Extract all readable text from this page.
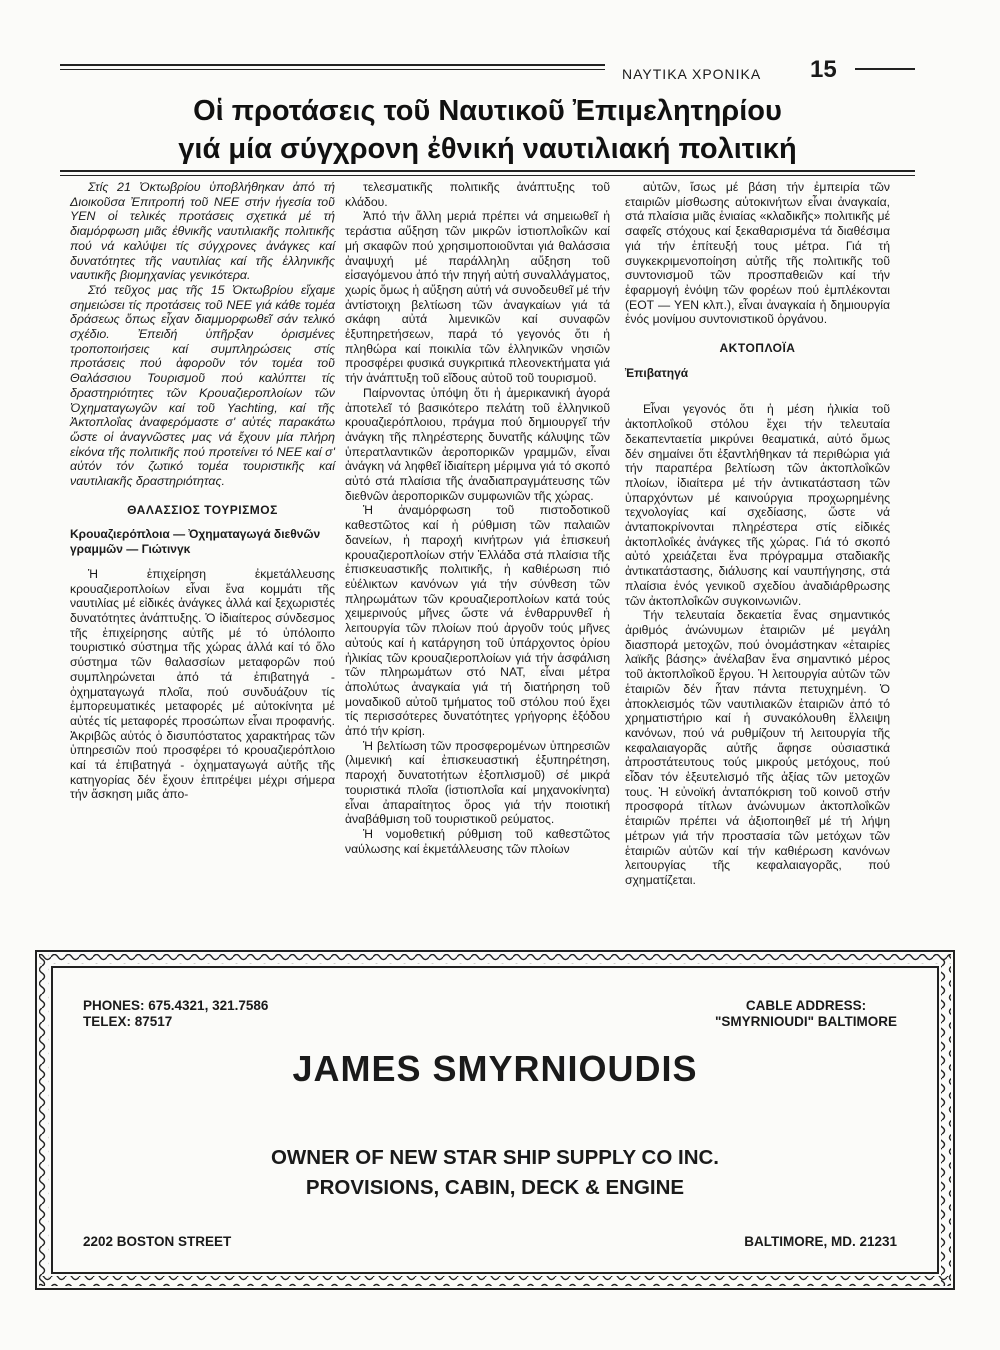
ΝΑΥΤΙΚΑ ΧΡΟΝΙΚΑ 15
Οἱ προτάσεις τοῦ Ναυτικοῦ Ἐπιμελητηρίου
γιά μία σύγχρονη ἐθνική ναυτιλιακή πολιτική

Στίς 21 Ὀκτωβρίου ὑποβλήθηκαν ἀπό τή Διοικοῦσα Ἐπιτροπή τοῦ ΝΕΕ στήν ἡγεσία τοῦ ΥΕΝ οἱ τελικές προτάσεις σχετικά μέ τή διαμόρφωση μιᾶς ἐθνικῆς ναυτιλιακῆς πολιτικῆς πού νά καλύψει τίς σύγχρονες ἀνάγκες καί δυνατότητες τῆς ναυτιλίας καί τῆς ἑλληνικῆς ναυτικῆς βιομηχανίας γενικότερα.

Στό τεῦχος μας τῆς 15 Ὀκτωβρίου εἴχαμε σημειώσει τίς προτάσεις τοῦ ΝΕΕ γιά κάθε τομέα δράσεως ὅπως εἶχαν διαμμορφωθεῖ σάν τελικό σχέδιο. Ἐπειδή ὑπῆρξαν ὁρισμένες τροποποιήσεις καί συμπληρώσεις στίς προτάσεις πού ἀφοροῦν τόν τομέα τοῦ Θαλάσσιου Τουρισμοῦ πού καλύπτει τίς δραστηριότητες τῶν Κρουαζιεροπλοίων τῶν Ὀχηματαγωγῶν καί τοῦ Yachting, καί τῆς Ἀκτοπλοΐας ἀναφερόμαστε σ' αὐτές παρακάτω ὥστε οἱ ἀναγνῶστες μας νά ἔχουν μία πλήρη εἰκόνα τῆς πολιτικῆς πού προτείνει τό ΝΕΕ καί σ' αὐτόν τόν ζωτικό τομέα τουριστικῆς καί ναυτιλιακῆς δραστηριότητας.

ΘΑΛΑΣΣΙΟΣ ΤΟΥΡΙΣΜΟΣ
Κρουαζιερόπλοια — Ὀχηματαγωγά διεθνῶν γραμμῶν — Γιώτινγκ

Ἡ ἐπιχείρηση ἐκμετάλλευσης κρουαζιεροπλοίων εἶναι ἕνα κομμάτι τῆς ναυτιλίας μέ εἰδικές ἀνάγκες ἀλλά καί ξεχωριστές δυνατότητες ἀνάπτυξης. Ὁ ἰδιαίτερος σύνδεσμος τῆς ἐπιχείρησης αὐτῆς μέ τό ὑπόλοιπο τουριστικό σύστημα τῆς χώρας ἀλλά καί τό ὅλο σύστημα τῶν θαλασσίων μεταφορῶν πού συμπληρώνεται ἀπό τά ἐπιβατηγά - ὀχηματαγωγά πλοῖα, πού συνδυάζουν τίς ἐμπορευματικές μεταφορές μέ αὐτοκίνητα μέ αὐτές τίς μεταφορές προσώπων εἶναι προφανής. Ἀκριβῶς αὐτός ὁ δισυπόστατος χαρακτήρας τῶν ὑπηρεσιῶν πού προσφέρει τό κρουαζιερόπλοιο καί τά ἐπιβατηγά - ὀχηματαγωγά αὐτῆς τῆς κατηγορίας δέν ἔχουν ἐπιτρέψει μέχρι σήμερα τήν ἄσκηση μιᾶς ἀπο-

τελεσματικῆς πολιτικῆς ἀνάπτυξης τοῦ κλάδου.

Ἀπό τήν ἄλλη μεριά πρέπει νά σημειωθεῖ ἡ τεράστια αὔξηση τῶν μικρῶν ἱστιοπλοΐκῶν καί μή σκαφῶν πού χρησιμοποιοῦνται γιά θαλάσσια ἀναψυχή μέ παράλληλη αὔξηση τοῦ εἰσαγόμενου ἀπό τήν πηγή αὐτή συναλλάγματος, χωρίς ὅμως ἡ αὔξηση αὐτή νά συνοδευθεῖ μέ τήν ἀντίστοιχη βελτίωση τῶν ἀναγκαίων γιά τά σκάφη αὐτά λιμενικῶν καί συναφῶν ἐξυπηρετήσεων, παρά τό γεγονός ὅτι ἡ πληθώρα καί ποικιλία τῶν ἑλληνικῶν νησιῶν προσφέρει φυσικά συγκριτικά πλεονεκτήματα γιά τήν ἀνάπτυξη τοῦ εἴδους αὐτοῦ τοῦ τουρισμοῦ.

Παίρνοντας ὑπόψη ὅτι ἡ ἀμερικανική ἀγορά ἀποτελεῖ τό βασικότερο πελάτη τοῦ ἑλληνικοῦ κρουαζιερόπλοιου, πράγμα πού δημιουργεῖ τήν ἀνάγκη τῆς πληρέστερης δυνατῆς κάλυψης τῶν ὑπερατλαντικῶν ἀεροπορικῶν γραμμῶν, εἶναι ἀνάγκη νά ληφθεῖ ἰδιαίτερη μέριμνα γιά τό σκοπό αὐτό στά πλαίσια τῆς ἀναδιαπραγμάτευσης τῶν διεθνῶν ἀεροπορικῶν συμφωνιῶν τῆς χώρας.

Ἡ ἀναμόρφωση τοῦ πιστοδοτικοῦ καθεστῶτος καί ἡ ρύθμιση τῶν παλαιῶν δανείων, ἡ παροχή κινήτρων γιά ἐπισκευή κρουαζιεροπλοίων στήν Ἑλλάδα στά πλαίσια τῆς ἐπισκευαστικῆς πολιτικῆς, ἡ καθιέρωση πιό εὐέλικτων κανόνων γιά τήν σύνθεση τῶν πληρωμάτων τῶν κρουαζιεροπλοίων κατά τούς χειμερινούς μῆνες ὥστε νά ἐνθαρρυνθεῖ ἡ λειτουργία τῶν πλοίων πού ἀργοῦν τούς μῆνες αὐτούς καί ἡ κατάργηση τοῦ ὑπάρχοντος ὁρίου ἡλικίας τῶν κρουαζιεροπλοίων γιά τήν ἀσφάλιση τῶν πληρωμάτων στό ΝΑΤ, εἶναι μέτρα ἀπολύτως ἀναγκαία γιά τή διατήρηση τοῦ μοναδικοῦ αὐτοῦ τμήματος τοῦ στόλου πού ἔχει τίς περισσότερες δυνατότητες γρήγορης ἐξόδου ἀπό τήν κρίση.

Ἡ βελτίωση τῶν προσφερομένων ὑπηρεσιῶν (λιμενική καί ἐπισκευαστική ἐξυπηρέτηση, παροχή δυνατοτήτων ἐξοπλισμοῦ) σέ μικρά τουριστικά πλοῖα (ἱστιοπλοΐα καί μηχανοκίνητα) εἶναι ἀπαραίτητος ὅρος γιά τήν ποιοτική ἀναβάθμιση τοῦ τουριστικοῦ ρεύματος.

Ἡ νομοθετική ρύθμιση τοῦ καθεστῶτος ναύλωσης καί ἐκμετάλλευσης τῶν πλοίων

αὐτῶν, ἴσως μέ βάση τήν ἐμπειρία τῶν εταιριῶν μίσθωσης αὐτοκινήτων εἶναι ἀναγκαία, στά πλαίσια μιᾶς ἑνιαίας «κλαδικῆς» πολιτικῆς μέ σαφεῖς στόχους καί ξεκαθαρισμένα τά διαθέσιμα γιά τήν ἐπίτευξή τους μέτρα. Γιά τή συγκεκριμενοποίηση αὐτῆς τῆς πολιτικῆς τοῦ συντονισμοῦ τῶν προσπαθειῶν καί τήν ἐφαρμογή ἐνόψη τῶν φορέων πού ἐμπλέκονται (ΕΟΤ — ΥΕΝ κλπ.), εἶναι ἀναγκαία ἡ δημιουργία ἑνός μονίμου συντονιστικοῦ ὀργάνου.

ΑΚΤΟΠΛΟΪΑ
Ἐπιβατηγά

Εἶναι γεγονός ὅτι ἡ μέση ἡλικία τοῦ ἀκτοπλοΐκοῦ στόλου ἔχει τήν τελευταία δεκαπενταετία μικρύνει θεαματικά, αὐτό ὅμως δέν σημαίνει ὅτι ἐξαντλήθηκαν τά περιθώρια γιά τήν παραπέρα βελτίωση τῶν ἀκτοπλοΐκῶν πλοίων, ἰδιαίτερα μέ τήν ἀντικατάσταση τῶν ὑπαρχόντων μέ καινούργια προχωρημένης τεχνολογίας καί σχεδίασης, ὥστε νά ἀνταποκρίνονται πληρέστερα στίς εἰδικές ἀκτοπλοΐκές ἀνάγκες τῆς χώρας. Γιά τό σκοπό αὐτό χρειάζεται ἕνα πρόγραμμα σταδιακῆς ἀντικατάστασης, διάλυσης καί ναυπήγησης, στά πλαίσια ἑνός γενικοῦ σχεδίου ἀναδιάρθρωσης τῶν ἀκτοπλοΐκῶν συγκοινωνιῶν.

Τήν τελευταία δεκαετία ἕνας σημαντικός ἀριθμός ἀνώνυμων ἑταιριῶν μέ μεγάλη διασπορά μετοχῶν, πού ὀνομάστηκαν «ἑταιρίες λαϊκῆς βάσης» ἀνέλαβαν ἕνα σημαντικό μέρος τοῦ ἀκτοπλοΐκοῦ ἔργου. Ἡ λειτουργία αὐτῶν τῶν ἑταιριῶν δέν ἦταν πάντα πετυχημένη. Ὁ ἀποκλεισμός τῶν ναυτιλιακῶν ἑταιριῶν ἀπό τό χρηματιστήριο καί ἡ συνακόλουθη ἔλλειψη κανόνων, πού νά ρυθμίζουν τή λειτουργία τῆς κεφαλαιαγορᾶς αὐτῆς ἄφησε οὐσιαστικά ἀπροστάτευτους τούς μικρούς μετόχους, πού εἶδαν τόν ἐξευτελισμό τῆς ἀξίας τῶν μετοχῶν τους. Ἡ εὐνοϊκή ἀνταπόκριση τοῦ κοινοῦ στήν προσφορά τίτλων ἀνώνυμων ἀκτοπλοΐκῶν ἑταιριῶν πρέπει νά ἀξιοποιηθεῖ μέ τή λήψη μέτρων γιά τήν προστασία τῶν μετόχων τῶν ἑταιριῶν αὐτῶν καί τήν καθιέρωση κανόνων λειτουργίας τῆς κεφαλαιαγορᾶς, πού σχηματίζεται.

PHONES: 675.4321, 321.7586
TELEX: 87517
CABLE ADDRESS:
"SMYRNIOUDI" BALTIMORE
JAMES SMYRNIOUDIS
OWNER OF NEW STAR SHIP SUPPLY CO INC.
PROVISIONS, CABIN, DECK & ENGINE
2202 BOSTON STREET	BALTIMORE, MD. 21231
